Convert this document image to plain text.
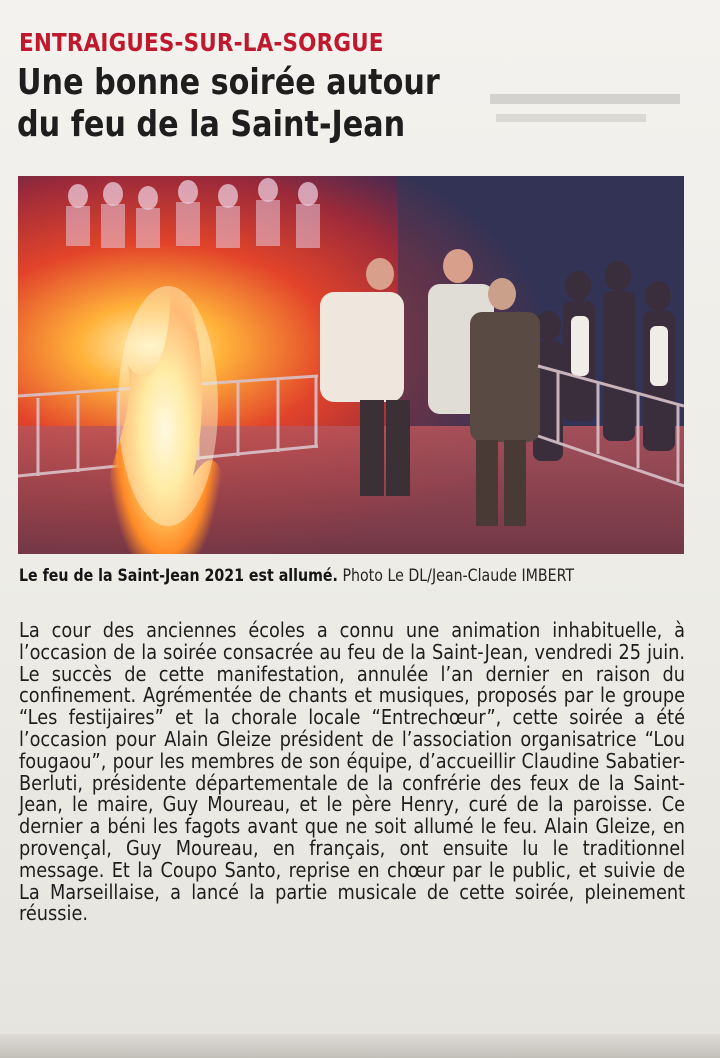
ENTRAIGUES-SUR-LA-SORGUE
Une bonne soirée autour
du feu de la Saint-Jean
Le feu de la Saint-Jean 2021 est allumé. Photo Le DL/Jean-Claude IMBERT

La cour des anciennes écoles a connu une animation inhabituelle, à l’occasion de la soirée consacrée au feu de la Saint-Jean, vendredi 25 juin. Le succès de cette manifestation, annulée l’an dernier en raison du confinement. Agrémentée de chants et musiques, proposés par le groupe “Les festijaires” et la chorale locale “Entrechœur”, cette soirée a été l’occasion pour Alain Gleize président de l’association organisatrice “Lou fougaou”, pour les membres de son équipe, d’accueillir Claudine Sabatier-Berluti, présidente départementale de la confrérie des feux de la Saint-Jean, le maire, Guy Moureau, et le père Henry, curé de la paroisse. Ce dernier a béni les fagots avant que ne soit allumé le feu. Alain Gleize, en provençal, Guy Moureau, en français, ont ensuite lu le traditionnel message. Et la Coupo Santo, reprise en chœur par le public, et suivie de La Marseillaise, a lancé la partie musicale de cette soirée, pleinement réussie.
